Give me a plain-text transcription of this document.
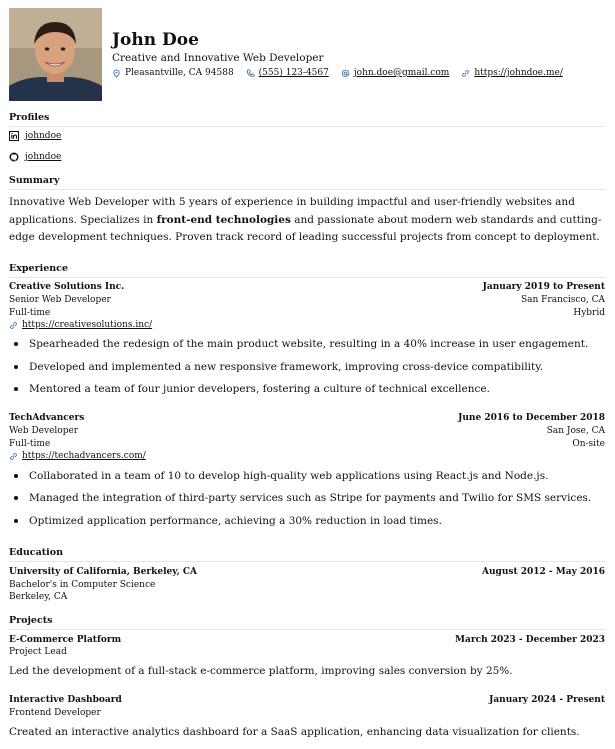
John Doe
Creative and Innovative Web Developer
Pleasantville, CA 94588	(555) 123-4567	john.doe@gmail.com	https://johndoe.me/
Profiles
johndoe
johndoe
Summary
Innovative Web Developer with 5 years of experience in building impactful and user-friendly websites and applications. Specializes in front-end technologies and passionate about modern web standards and cutting-edge development techniques. Proven track record of leading successful projects from concept to deployment.
Experience
Creative Solutions Inc.	January 2019 to Present
Senior Web Developer	San Francisco, CA
Full-time	Hybrid
https://creativesolutions.inc/
Spearheaded the redesign of the main product website, resulting in a 40% increase in user engagement.
Developed and implemented a new responsive framework, improving cross-device compatibility.
Mentored a team of four junior developers, fostering a culture of technical excellence.
TechAdvancers	June 2016 to December 2018
Web Developer	San Jose, CA
Full-time	On-site
https://techadvancers.com/
Collaborated in a team of 10 to develop high-quality web applications using React.js and Node.js.
Managed the integration of third-party services such as Stripe for payments and Twilio for SMS services.
Optimized application performance, achieving a 30% reduction in load times.
Education
University of California, Berkeley, CA	August 2012 - May 2016
Bachelor's in Computer Science
Berkeley, CA
Projects
E-Commerce Platform	March 2023 - December 2023
Project Lead
Led the development of a full-stack e-commerce platform, improving sales conversion by 25%.
Interactive Dashboard	January 2024 - Present
Frontend Developer
Created an interactive analytics dashboard for a SaaS application, enhancing data visualization for clients.
